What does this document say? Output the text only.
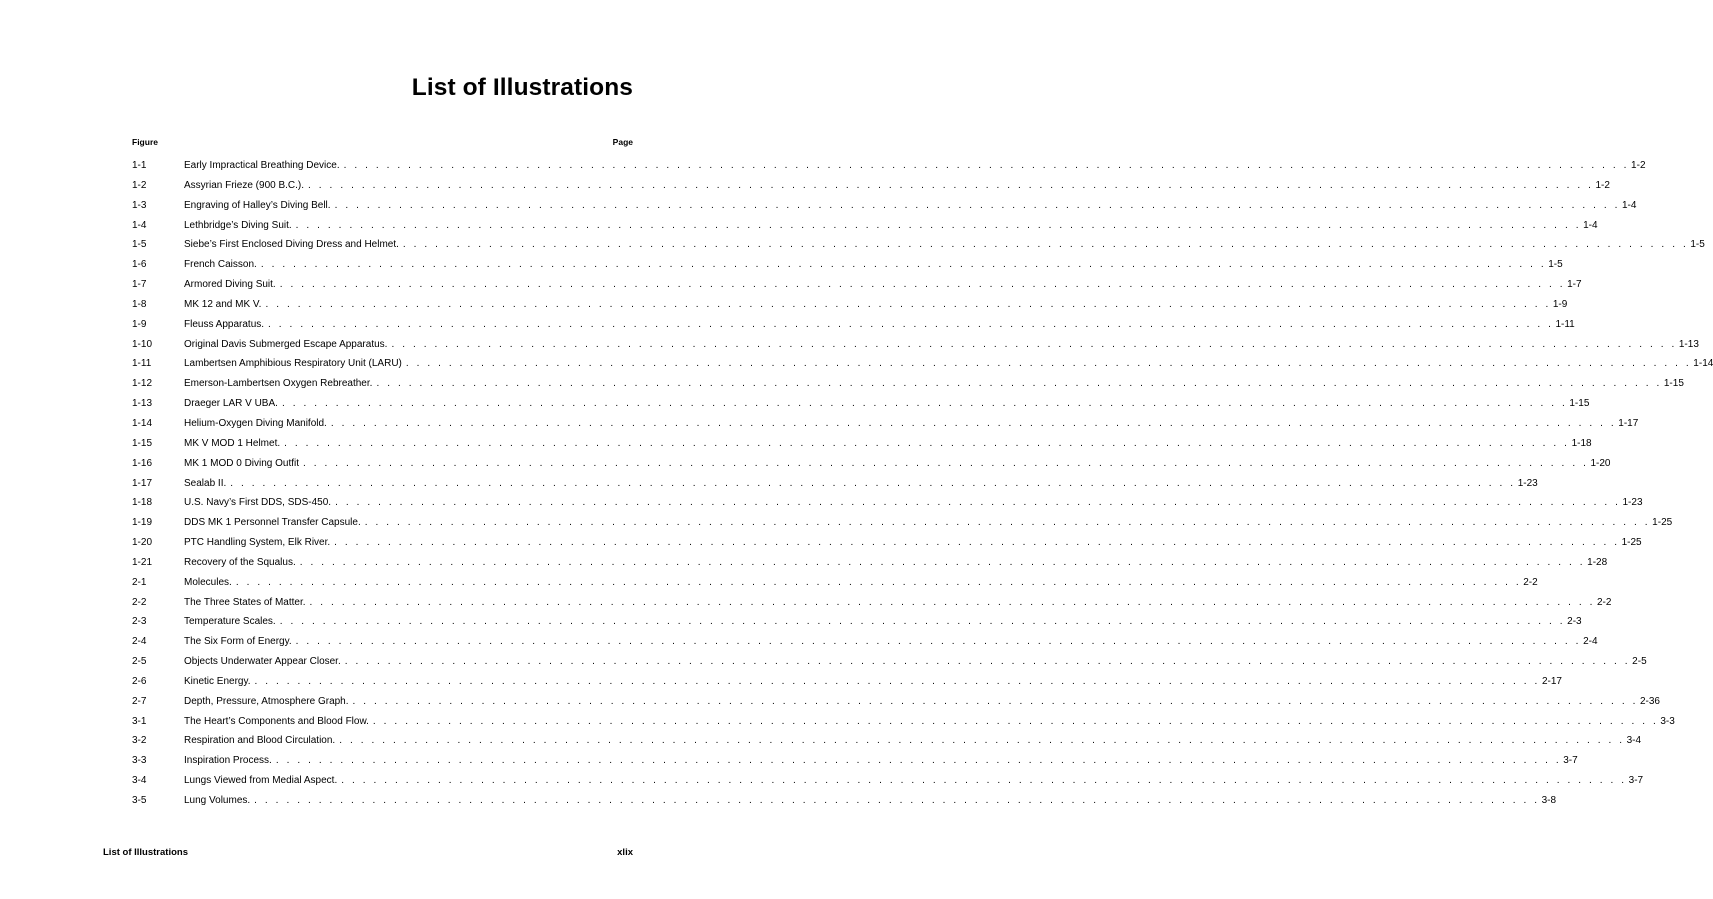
List of Illustrations
Figure	Page
1-1	Early Impractical Breathing Device. . . . . . . . . . . . . . . . . . . . . . . . . . . . . . . . . . . . . . . . . . . . . . . . . . . . . . . . . . . . . . . . . . . . . . . . . . . . . . . . . . . . . . . . . . . . . . . . . . . . . . . . . . . . . . . . . . . . . . . . . 1-2
1-2	Assyrian Frieze (900 B.C.). . . . . . . . . . . . . . . . . . . . . . . . . . . . . . . . . . . . . . . . . . . . . . . . . . . . . . . . . . . . . . . . . . . . . . . . . . . . . . . . . . . . . . . . . . . . . . . . . . . . . . . . . . . . . . . . . . . . . . . . . 1-2
1-3	Engraving of Halley’s Diving Bell. . . . . . . . . . . . . . . . . . . . . . . . . . . . . . . . . . . . . . . . . . . . . . . . . . . . . . . . . . . . . . . . . . . . . . . . . . . . . . . . . . . . . . . . . . . . . . . . . . . . . . . . . . . . . . . . . . . . . . . . . 1-4
1-4	Lethbridge’s Diving Suit. . . . . . . . . . . . . . . . . . . . . . . . . . . . . . . . . . . . . . . . . . . . . . . . . . . . . . . . . . . . . . . . . . . . . . . . . . . . . . . . . . . . . . . . . . . . . . . . . . . . . . . . . . . . . . . . . . . . . . . . . 1-4
1-5	Siebe’s First Enclosed Diving Dress and Helmet. . . . . . . . . . . . . . . . . . . . . . . . . . . . . . . . . . . . . . . . . . . . . . . . . . . . . . . . . . . . . . . . . . . . . . . . . . . . . . . . . . . . . . . . . . . . . . . . . . . . . . . . . . . . . . . . . . . . . . . . . 1-5
1-6	French Caisson. . . . . . . . . . . . . . . . . . . . . . . . . . . . . . . . . . . . . . . . . . . . . . . . . . . . . . . . . . . . . . . . . . . . . . . . . . . . . . . . . . . . . . . . . . . . . . . . . . . . . . . . . . . . . . . . . . . . . . . . . 1-5
1-7	Armored Diving Suit. . . . . . . . . . . . . . . . . . . . . . . . . . . . . . . . . . . . . . . . . . . . . . . . . . . . . . . . . . . . . . . . . . . . . . . . . . . . . . . . . . . . . . . . . . . . . . . . . . . . . . . . . . . . . . . . . . . . . . . . . 1-7
1-8	MK 12 and MK V. . . . . . . . . . . . . . . . . . . . . . . . . . . . . . . . . . . . . . . . . . . . . . . . . . . . . . . . . . . . . . . . . . . . . . . . . . . . . . . . . . . . . . . . . . . . . . . . . . . . . . . . . . . . . . . . . . . . . . . . . 1-9
1-9	Fleuss Apparatus. . . . . . . . . . . . . . . . . . . . . . . . . . . . . . . . . . . . . . . . . . . . . . . . . . . . . . . . . . . . . . . . . . . . . . . . . . . . . . . . . . . . . . . . . . . . . . . . . . . . . . . . . . . . . . . . . . . . . . . . . 1-11
1-10	Original Davis Submerged Escape Apparatus. . . . . . . . . . . . . . . . . . . . . . . . . . . . . . . . . . . . . . . . . . . . . . . . . . . . . . . . . . . . . . . . . . . . . . . . . . . . . . . . . . . . . . . . . . . . . . . . . . . . . . . . . . . . . . . . . . . . . . . . . 1-13
1-11	Lambertsen Amphibious Respiratory Unit (LARU) . . . . . . . . . . . . . . . . . . . . . . . . . . . . . . . . . . . . . . . . . . . . . . . . . . . . . . . . . . . . . . . . . . . . . . . . . . . . . . . . . . . . . . . . . . . . . . . . . . . . . . . . . . . . . . . . . . . . . . . . 1-14
1-12	Emerson-Lambertsen Oxygen Rebreather. . . . . . . . . . . . . . . . . . . . . . . . . . . . . . . . . . . . . . . . . . . . . . . . . . . . . . . . . . . . . . . . . . . . . . . . . . . . . . . . . . . . . . . . . . . . . . . . . . . . . . . . . . . . . . . . . . . . . . . . . 1-15
1-13	Draeger LAR V UBA. . . . . . . . . . . . . . . . . . . . . . . . . . . . . . . . . . . . . . . . . . . . . . . . . . . . . . . . . . . . . . . . . . . . . . . . . . . . . . . . . . . . . . . . . . . . . . . . . . . . . . . . . . . . . . . . . . . . . . . . . 1-15
1-14	Helium-Oxygen Diving Manifold. . . . . . . . . . . . . . . . . . . . . . . . . . . . . . . . . . . . . . . . . . . . . . . . . . . . . . . . . . . . . . . . . . . . . . . . . . . . . . . . . . . . . . . . . . . . . . . . . . . . . . . . . . . . . . . . . . . . . . . . . 1-17
1-15	MK V MOD 1 Helmet. . . . . . . . . . . . . . . . . . . . . . . . . . . . . . . . . . . . . . . . . . . . . . . . . . . . . . . . . . . . . . . . . . . . . . . . . . . . . . . . . . . . . . . . . . . . . . . . . . . . . . . . . . . . . . . . . . . . . . . . . 1-18
1-16	MK 1 MOD 0 Diving Outfit . . . . . . . . . . . . . . . . . . . . . . . . . . . . . . . . . . . . . . . . . . . . . . . . . . . . . . . . . . . . . . . . . . . . . . . . . . . . . . . . . . . . . . . . . . . . . . . . . . . . . . . . . . . . . . . . . . . . . . . . 1-20
1-17	Sealab II. . . . . . . . . . . . . . . . . . . . . . . . . . . . . . . . . . . . . . . . . . . . . . . . . . . . . . . . . . . . . . . . . . . . . . . . . . . . . . . . . . . . . . . . . . . . . . . . . . . . . . . . . . . . . . . . . . . . . . . . . 1-23
1-18	U.S. Navy’s First DDS, SDS-450. . . . . . . . . . . . . . . . . . . . . . . . . . . . . . . . . . . . . . . . . . . . . . . . . . . . . . . . . . . . . . . . . . . . . . . . . . . . . . . . . . . . . . . . . . . . . . . . . . . . . . . . . . . . . . . . . . . . . . . . . 1-23
1-19	DDS MK 1 Personnel Transfer Capsule. . . . . . . . . . . . . . . . . . . . . . . . . . . . . . . . . . . . . . . . . . . . . . . . . . . . . . . . . . . . . . . . . . . . . . . . . . . . . . . . . . . . . . . . . . . . . . . . . . . . . . . . . . . . . . . . . . . . . . . . . 1-25
1-20	PTC Handling System, Elk River. . . . . . . . . . . . . . . . . . . . . . . . . . . . . . . . . . . . . . . . . . . . . . . . . . . . . . . . . . . . . . . . . . . . . . . . . . . . . . . . . . . . . . . . . . . . . . . . . . . . . . . . . . . . . . . . . . . . . . . . . 1-25
1-21	Recovery of the Squalus. . . . . . . . . . . . . . . . . . . . . . . . . . . . . . . . . . . . . . . . . . . . . . . . . . . . . . . . . . . . . . . . . . . . . . . . . . . . . . . . . . . . . . . . . . . . . . . . . . . . . . . . . . . . . . . . . . . . . . . . . 1-28
2-1	Molecules. . . . . . . . . . . . . . . . . . . . . . . . . . . . . . . . . . . . . . . . . . . . . . . . . . . . . . . . . . . . . . . . . . . . . . . . . . . . . . . . . . . . . . . . . . . . . . . . . . . . . . . . . . . . . . . . . . . . . . . . . 2-2
2-2	The Three States of Matter. . . . . . . . . . . . . . . . . . . . . . . . . . . . . . . . . . . . . . . . . . . . . . . . . . . . . . . . . . . . . . . . . . . . . . . . . . . . . . . . . . . . . . . . . . . . . . . . . . . . . . . . . . . . . . . . . . . . . . . . . 2-2
2-3	Temperature Scales. . . . . . . . . . . . . . . . . . . . . . . . . . . . . . . . . . . . . . . . . . . . . . . . . . . . . . . . . . . . . . . . . . . . . . . . . . . . . . . . . . . . . . . . . . . . . . . . . . . . . . . . . . . . . . . . . . . . . . . . . 2-3
2-4	The Six Form of Energy. . . . . . . . . . . . . . . . . . . . . . . . . . . . . . . . . . . . . . . . . . . . . . . . . . . . . . . . . . . . . . . . . . . . . . . . . . . . . . . . . . . . . . . . . . . . . . . . . . . . . . . . . . . . . . . . . . . . . . . . . 2-4
2-5	Objects Underwater Appear Closer. . . . . . . . . . . . . . . . . . . . . . . . . . . . . . . . . . . . . . . . . . . . . . . . . . . . . . . . . . . . . . . . . . . . . . . . . . . . . . . . . . . . . . . . . . . . . . . . . . . . . . . . . . . . . . . . . . . . . . . . . 2-5
2-6	Kinetic Energy. . . . . . . . . . . . . . . . . . . . . . . . . . . . . . . . . . . . . . . . . . . . . . . . . . . . . . . . . . . . . . . . . . . . . . . . . . . . . . . . . . . . . . . . . . . . . . . . . . . . . . . . . . . . . . . . . . . . . . . . . 2-17
2-7	Depth, Pressure, Atmosphere Graph. . . . . . . . . . . . . . . . . . . . . . . . . . . . . . . . . . . . . . . . . . . . . . . . . . . . . . . . . . . . . . . . . . . . . . . . . . . . . . . . . . . . . . . . . . . . . . . . . . . . . . . . . . . . . . . . . . . . . . . . . 2-36
3-1	The Heart’s Components and Blood Flow. . . . . . . . . . . . . . . . . . . . . . . . . . . . . . . . . . . . . . . . . . . . . . . . . . . . . . . . . . . . . . . . . . . . . . . . . . . . . . . . . . . . . . . . . . . . . . . . . . . . . . . . . . . . . . . . . . . . . . . . . 3-3
3-2	Respiration and Blood Circulation. . . . . . . . . . . . . . . . . . . . . . . . . . . . . . . . . . . . . . . . . . . . . . . . . . . . . . . . . . . . . . . . . . . . . . . . . . . . . . . . . . . . . . . . . . . . . . . . . . . . . . . . . . . . . . . . . . . . . . . . . 3-4
3-3	Inspiration Process. . . . . . . . . . . . . . . . . . . . . . . . . . . . . . . . . . . . . . . . . . . . . . . . . . . . . . . . . . . . . . . . . . . . . . . . . . . . . . . . . . . . . . . . . . . . . . . . . . . . . . . . . . . . . . . . . . . . . . . . . 3-7
3-4	Lungs Viewed from Medial Aspect. . . . . . . . . . . . . . . . . . . . . . . . . . . . . . . . . . . . . . . . . . . . . . . . . . . . . . . . . . . . . . . . . . . . . . . . . . . . . . . . . . . . . . . . . . . . . . . . . . . . . . . . . . . . . . . . . . . . . . . . . 3-7
3-5	Lung Volumes. . . . . . . . . . . . . . . . . . . . . . . . . . . . . . . . . . . . . . . . . . . . . . . . . . . . . . . . . . . . . . . . . . . . . . . . . . . . . . . . . . . . . . . . . . . . . . . . . . . . . . . . . . . . . . . . . . . . . . . . . 3-8
List of Illustrations	xlix
